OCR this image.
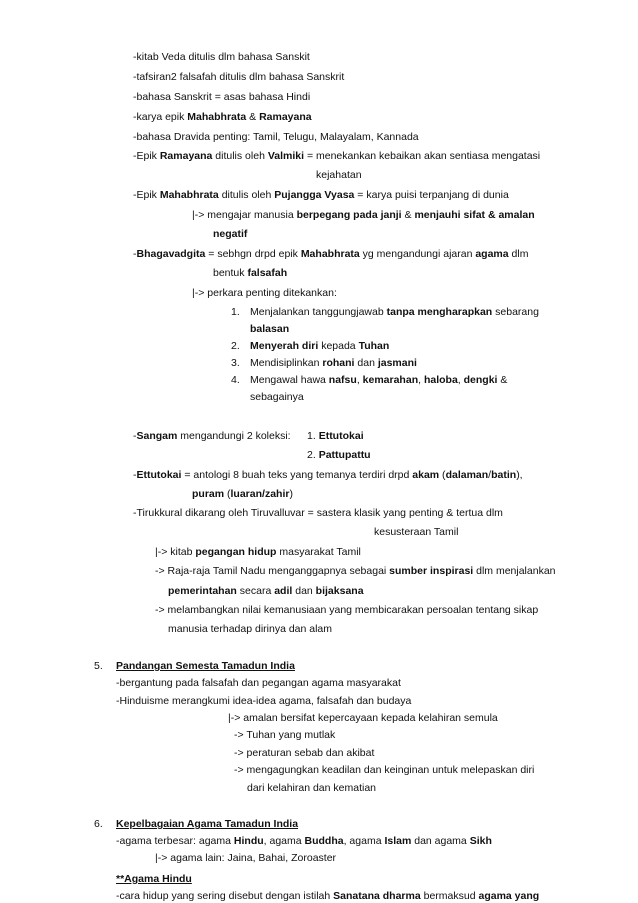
-kitab Veda ditulis dlm bahasa Sanskit
-tafsiran2 falsafah ditulis dlm bahasa Sanskrit
-bahasa Sanskrit = asas bahasa Hindi
-karya epik Mahabhrata & Ramayana
-bahasa Dravida penting: Tamil, Telugu, Malayalam, Kannada
-Epik Ramayana ditulis oleh Valmiki = menekankan kebaikan akan sentiasa mengatasi
kejahatan
-Epik Mahabhrata ditulis oleh Pujangga Vyasa = karya puisi terpanjang di dunia
|-> mengajar manusia berpegang pada janji & menjauhi sifat & amalan
negatif
-Bhagavadgita = sebhgn drpd epik Mahabhrata yg mengandungi ajaran agama dlm
bentuk falsafah
|-> perkara penting ditekankan:
1. Menjalankan tanggungjawab tanpa mengharapkan sebarang
balasan
2. Menyerah diri kepada Tuhan
3. Mendisiplinkan rohani dan jasmani
4. Mengawal hawa nafsu, kemarahan, haloba, dengki &
sebagainya
-Sangam mengandungi 2 koleksi: 1. Ettutokai
2. Pattupattu
-Ettutokai = antologi 8 buah teks yang temanya terdiri drpd akam (dalaman/batin),
puram (luaran/zahir)
-Tirukkural dikarang oleh Tiruvalluvar = sastera klasik yang penting & tertua dlm
kesusteraan Tamil
|-> kitab pegangan hidup masyarakat Tamil
-> Raja-raja Tamil Nadu menganggapnya sebagai sumber inspirasi dlm menjalankan
pemerintahan secara adil dan bijaksana
-> melambangkan nilai kemanusiaan yang membicarakan persoalan tentang sikap
manusia terhadap dirinya dan alam
5. Pandangan Semesta Tamadun India
-bergantung pada falsafah dan pegangan agama masyarakat
-Hinduisme merangkumi idea-idea agama, falsafah dan budaya
|-> amalan bersifat kepercayaan kepada kelahiran semula
-> Tuhan yang mutlak
-> peraturan sebab dan akibat
-> mengagungkan keadilan dan keinginan untuk melepaskan diri
dari kelahiran dan kematian
6. Kepelbagaian Agama Tamadun India
-agama terbesar: agama Hindu, agama Buddha, agama Islam dan agama Sikh
|-> agama lain: Jaina, Bahai, Zoroaster
**Agama Hindu
-cara hidup yang sering disebut dengan istilah Sanatana dharma bermaksud agama yang
